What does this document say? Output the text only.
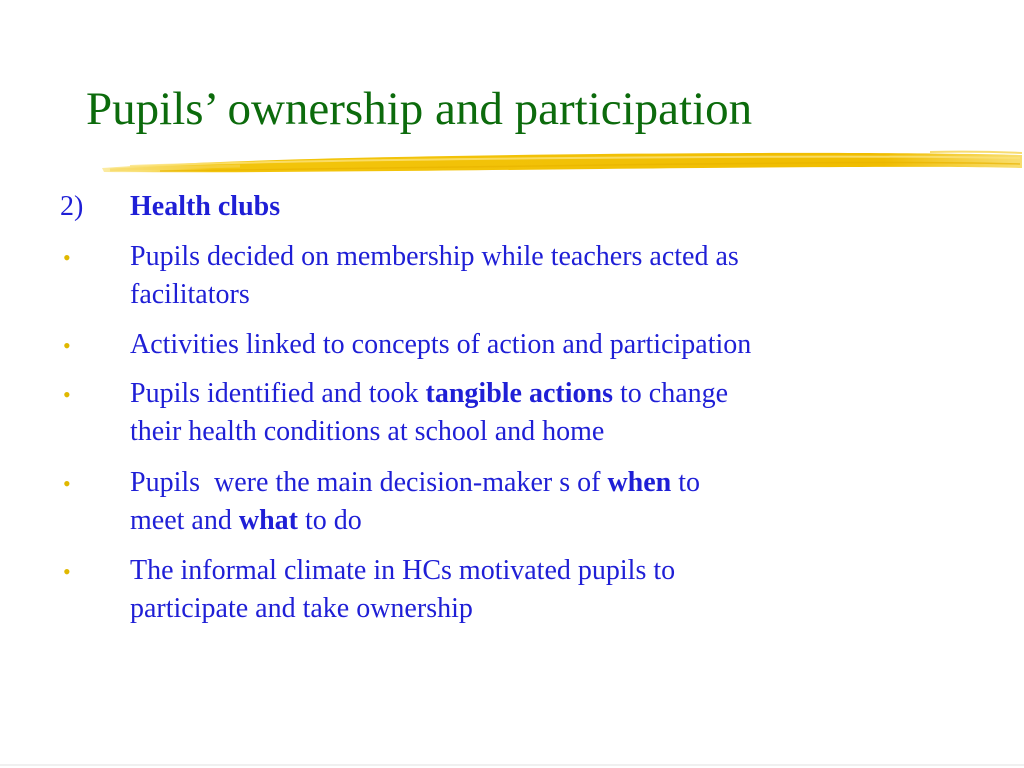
Pupils’ ownership and participation
2)	Health clubs
•	Pupils decided on membership while teachers acted as
facilitators
•	Activities linked to concepts of action and participation
•	Pupils identified and took tangible actions to change
their health conditions at school and home
•	Pupils  were the main decision-maker s of when to
meet and what to do
•	The informal climate in HCs motivated pupils to
participate and take ownership
